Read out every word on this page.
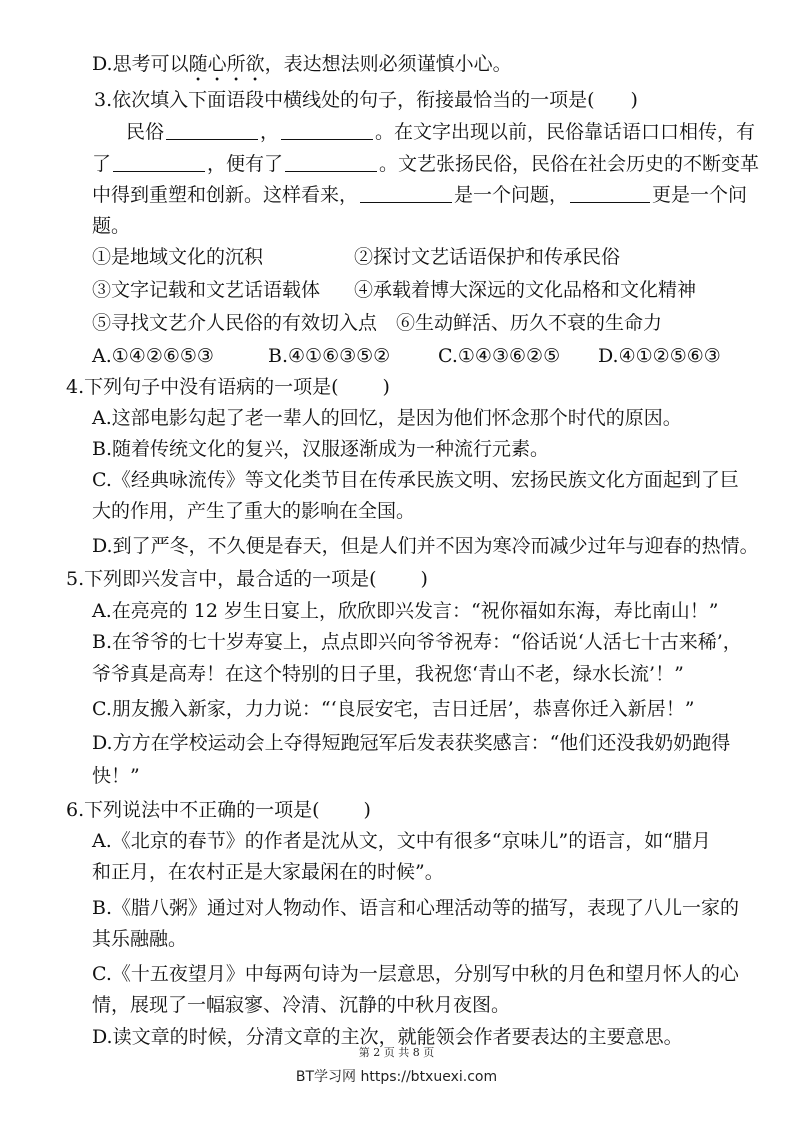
D.思考可以随心所欲，表达想法则必须谨慎小心。
3.依次填入下面语段中横线处的句子，衔接最恰当的一项是( )
民俗	，	。在文字出现以前，民俗靠话语口口相传，有
了	，便有了	。文艺张扬民俗，民俗在社会历史的不断变革
中得到重塑和创新。这样看来，	是一个问题，	更是一个问
题。
①是地域文化的沉积	②探讨文艺话语保护和传承民俗
③文字记载和文艺话语载体 ④承载着博大深远的文化品格和文化精神
⑤寻找文艺介人民俗的有效切入点 ⑥生动鲜活、历久不衰的生命力
A.①④②⑥⑤③	B.④①⑥③⑤②	C.①④③⑥②⑤ D.④①②⑤⑥③
4.下列句子中没有语病的一项是( )
A.这部电影勾起了老一辈人的回忆，是因为他们怀念那个时代的原因。
B.随着传统文化的复兴，汉服逐渐成为一种流行元素。
C.《经典咏流传》等文化类节目在传承民族文明、宏扬民族文化方面起到了巨
大的作用，产生了重大的影响在全国。
D.到了严冬，不久便是春天，但是人们并不因为寒冷而减少过年与迎春的热情。
5.下列即兴发言中，最合适的一项是( )
A.在亮亮的 12 岁生日宴上，欣欣即兴发言：“祝你福如东海，寿比南山！”
B.在爷爷的七十岁寿宴上，点点即兴向爷爷祝寿：“俗话说‘人活七十古来稀’，
爷爷真是高寿！在这个特别的日子里，我祝您‘青山不老，绿水长流’！”
C.朋友搬入新家，力力说：“‘良辰安宅，吉日迁居’，恭喜你迁入新居！”
D.方方在学校运动会上夺得短跑冠军后发表获奖感言：“他们还没我奶奶跑得
快！”
6.下列说法中不正确的一项是( )
A.《北京的春节》的作者是沈从文，文中有很多“京味儿”的语言，如“腊月
和正月，在农村正是大家最闲在的时候”。
B.《腊八粥》通过对人物动作、语言和心理活动等的描写，表现了八儿一家的
其乐融融。
C.《十五夜望月》中每两句诗为一层意思，分别写中秋的月色和望月怀人的心
情，展现了一幅寂寥、冷清、沉静的中秋月夜图。
D.读文章的时候，分清文章的主次，就能领会作者要表达的主要意思。
第 2 页 共 8 页
BT学习网 https://btxuexi.com
